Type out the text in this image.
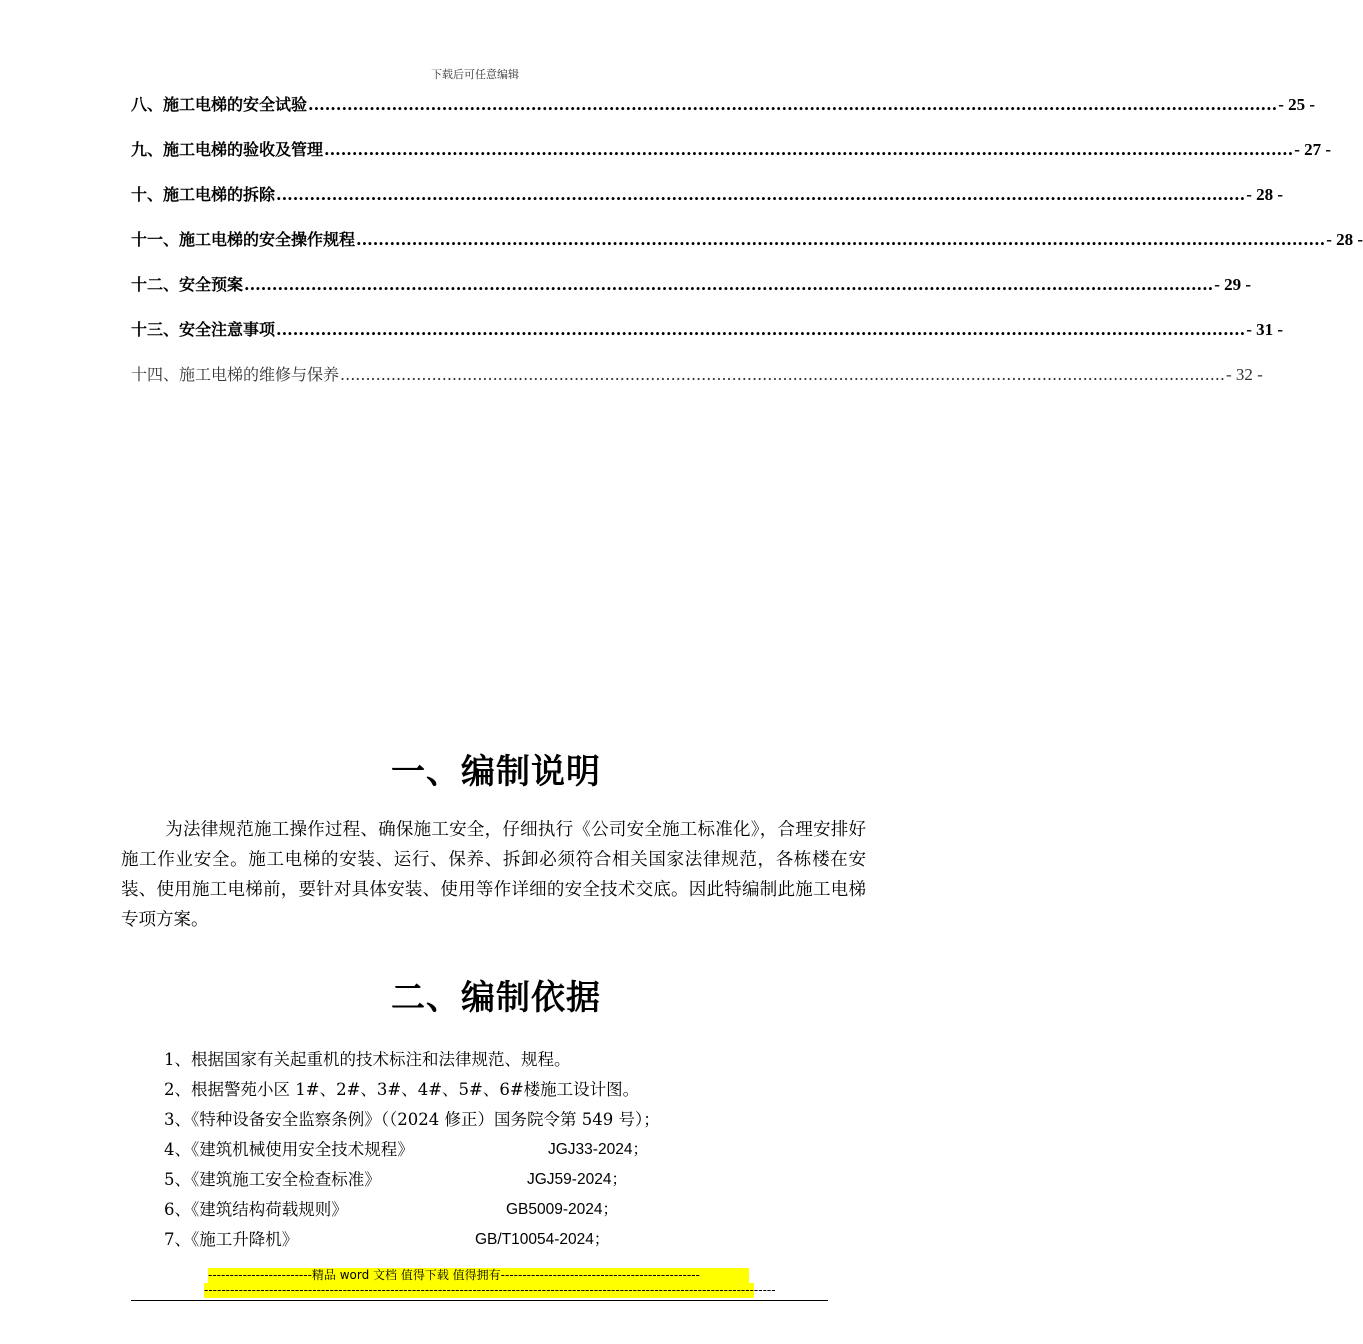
下载后可任意编辑
八、施工电梯的安全试验 .............................................................................................................................................................................. - 25 -
九、施工电梯的验收及管理 .............................................................................................................................................................................. - 27 -
十、施工电梯的拆除 .............................................................................................................................................................................. - 28 -
十一、施工电梯的安全操作规程 .............................................................................................................................................................................. - 28 -
十二、安全预案 .............................................................................................................................................................................. - 29 -
十三、安全注意事项 .............................................................................................................................................................................. - 31 -
十四、施工电梯的维修与保养 .............................................................................................................................................................................. - 32 -
一、编制说明
为法律规范施工操作过程、确保施工安全，仔细执行《公司安全施工标准化》，合理安排好施工作业安全。施工电梯的安装、运行、保养、拆卸必须符合相关国家法律规范，各栋楼在安装、使用施工电梯前，要针对具体安装、使用等作详细的安全技术交底。因此特编制此施工电梯专项方案。
二、编制依据
1、根据国家有关起重机的技术标注和法律规范、规程。
2、根据警苑小区 1#、2#、3#、4#、5#、6#楼施工设计图。
3、《特种设备安全监察条例》（（2024 修正）国务院令第 549 号）；
4、《建筑机械使用安全技术规程》	JGJ33-2024；
5、《建筑施工安全检查标准》	JGJ59-2024；
6、《建筑结构荷载规则》	GB5009-2024；
7、《施工升降机》	GB/T10054-2024；
------------------------精品 word 文档 值得下载 值得拥有----------------------------------------------
------------------------------------------------------------------------------------------------------------------------------------
